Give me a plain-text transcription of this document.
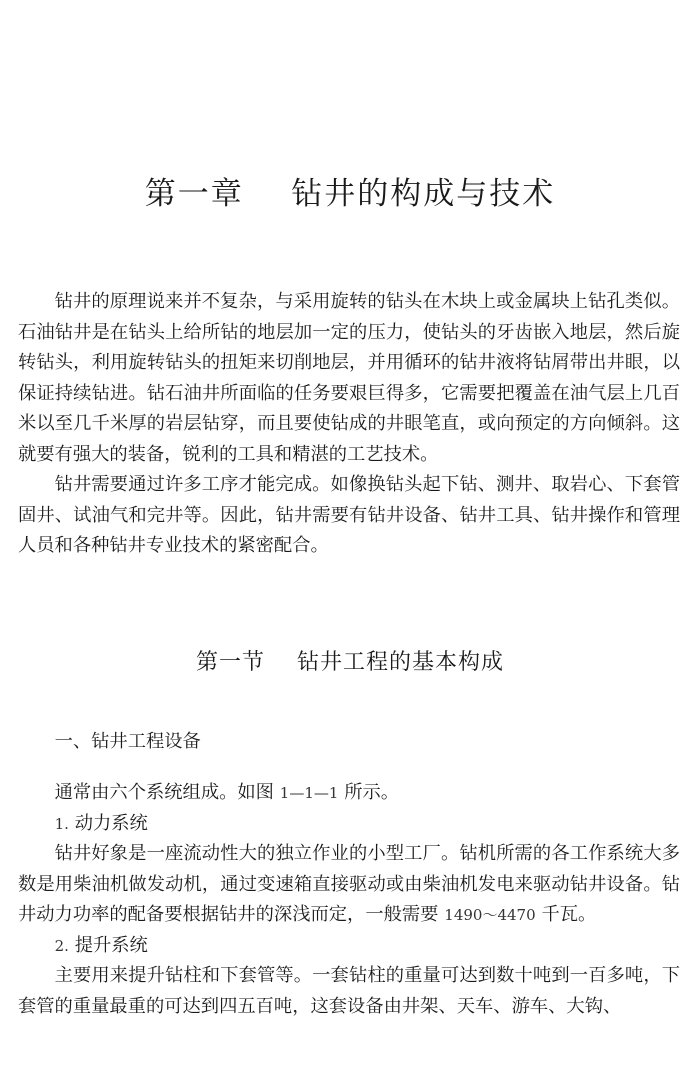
第一章    钻井的构成与技术

钻井的原理说来并不复杂，与采用旋转的钻头在木块上或金属块上钻孔类似。石油钻井是在钻头上给所钻的地层加一定的压力，使钻头的牙齿嵌入地层，然后旋转钻头，利用旋转钻头的扭矩来切削地层，并用循环的钻井液将钻屑带出井眼，以保证持续钻进。钻石油井所面临的任务要艰巨得多，它需要把覆盖在油气层上几百米以至几千米厚的岩层钻穿，而且要使钻成的井眼笔直，或向预定的方向倾斜。这就要有强大的装备，锐利的工具和精湛的工艺技术。

钻井需要通过许多工序才能完成。如像换钻头起下钻、测井、取岩心、下套管固井、试油气和完井等。因此，钻井需要有钻井设备、钻井工具、钻井操作和管理人员和各种钻井专业技术的紧密配合。

第一节    钻井工程的基本构成

一、钻井工程设备

通常由六个系统组成。如图 1—1—1 所示。

1. 动力系统

钻井好象是一座流动性大的独立作业的小型工厂。钻机所需的各工作系统大多数是用柴油机做发动机，通过变速箱直接驱动或由柴油机发电来驱动钻井设备。钻井动力功率的配备要根据钻井的深浅而定，一般需要 1490～4470 千瓦。

2. 提升系统

主要用来提升钻柱和下套管等。一套钻柱的重量可达到数十吨到一百多吨，下套管的重量最重的可达到四五百吨，这套设备由井架、天车、游车、大钩、
